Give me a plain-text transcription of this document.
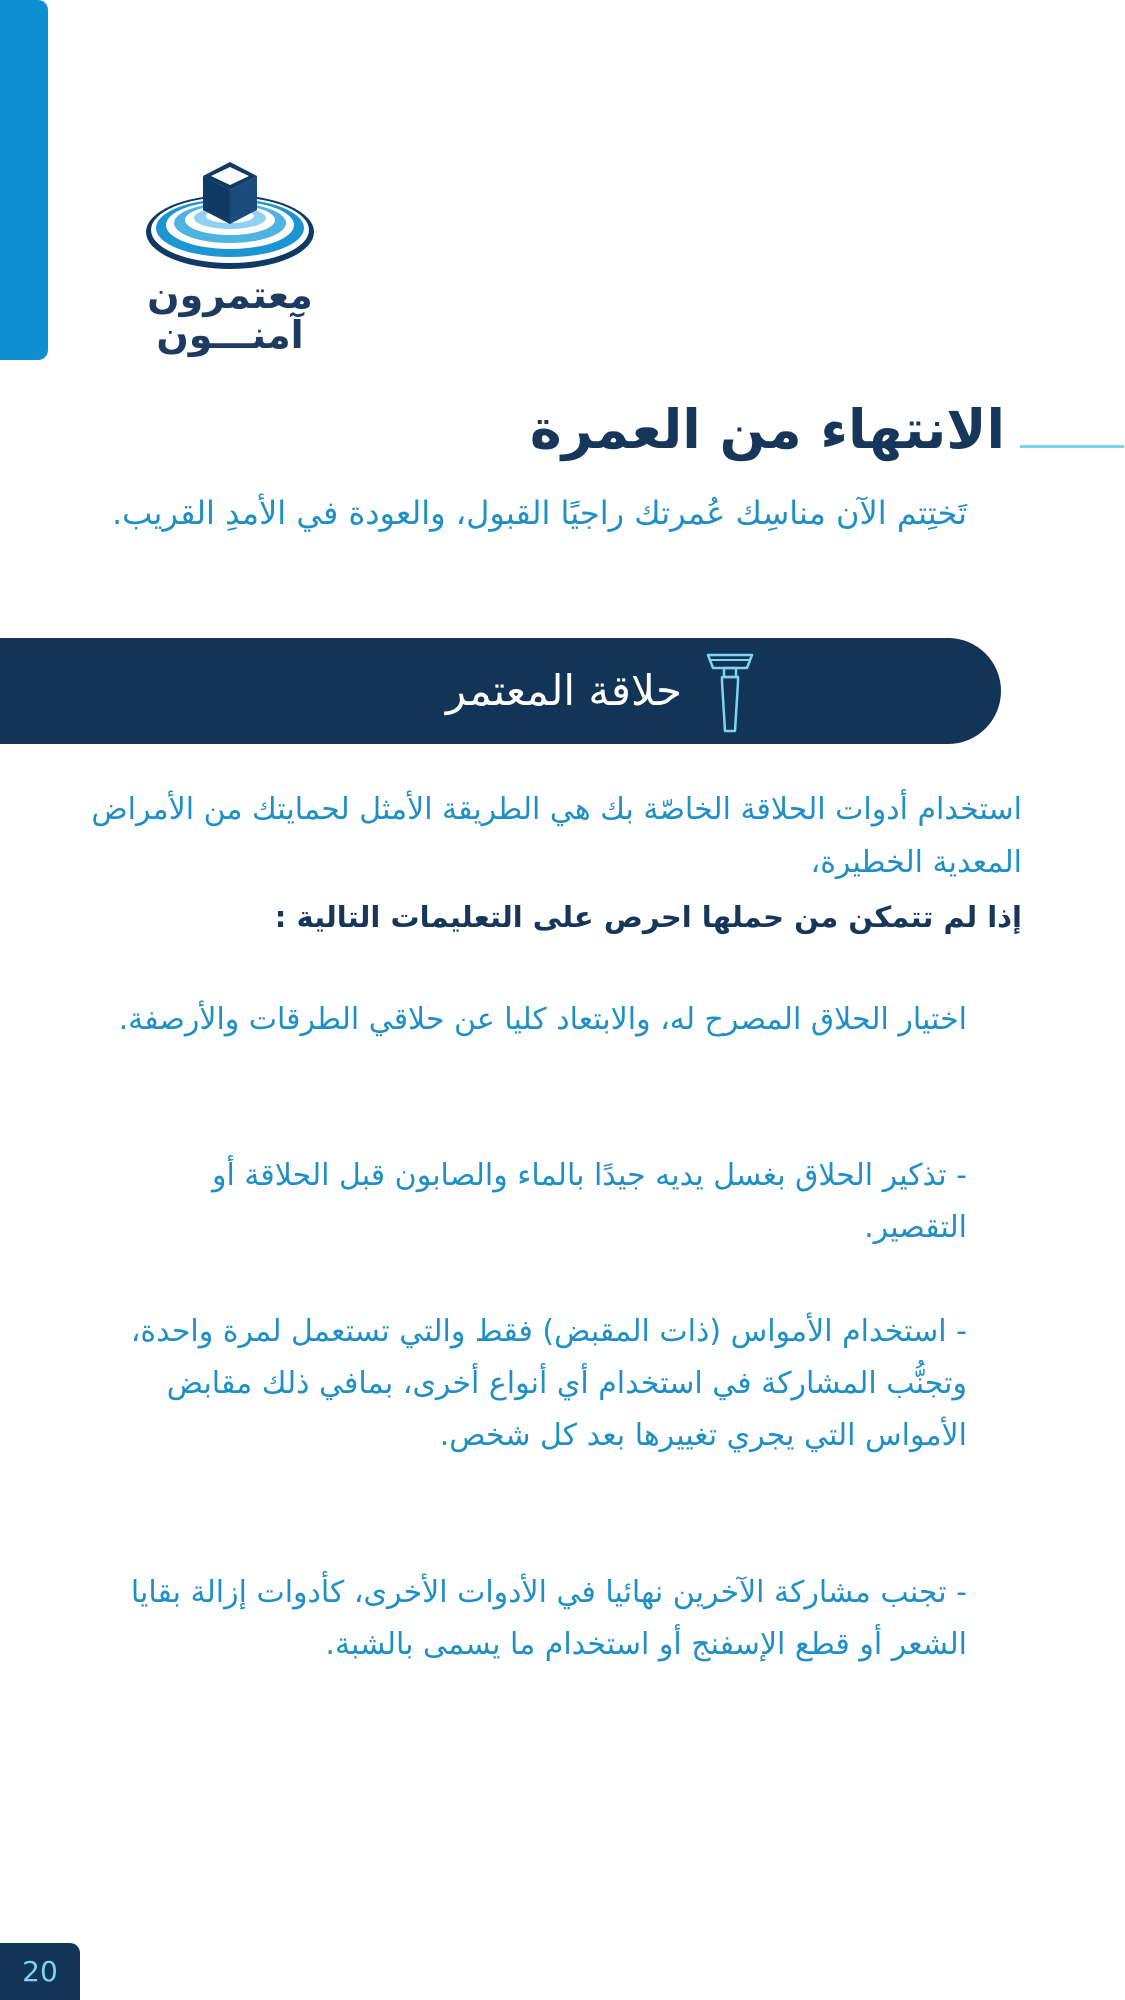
معتمرون
آمنـــون
الانتهاء من العمرة

تَختِتم الآن مناسِك عُمرتك راجيًا القبول، والعودة في الأمدِ القريب.

حلاقة المعتمر

استخدام أدوات الحلاقة الخاصّة بك هي الطريقة الأمثل لحمايتك من الأمراض المعدية الخطيرة،

إذا لم تتمكن من حملها احرص على التعليمات التالية :

اختيار الحلاق المصرح له، والابتعاد كليا عن حلاقي الطرقات والأرصفة.

- تذكير الحلاق بغسل يديه جيدًا بالماء والصابون قبل الحلاقة أو التقصير.

- استخدام الأمواس (ذات المقبض) فقط والتي تستعمل لمرة واحدة، وتجنُّب المشاركة في استخدام أي أنواع أخرى، بمافي ذلك مقابض الأمواس التي يجري تغييرها بعد كل شخص.

- تجنب مشاركة الآخرين نهائيا في الأدوات الأخرى، كأدوات إزالة بقايا الشعر أو قطع الإسفنج أو استخدام ما يسمى بالشبة.

20
